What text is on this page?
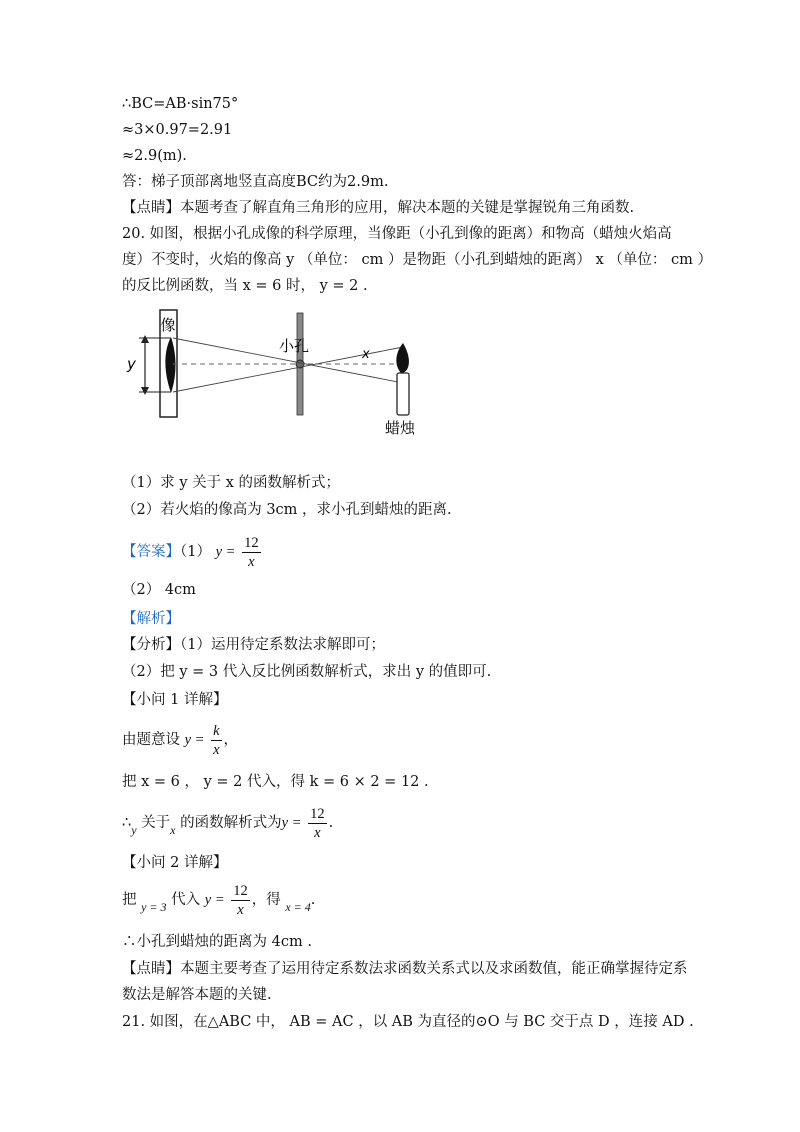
∴BC=AB·sin75°
≈3×0.97=2.91
≈2.9(m).
答：梯子顶部离地竖直高度BC约为2.9m.
【点睛】本题考查了解直角三角形的应用，解决本题的关键是掌握锐角三角函数.
20. 如图，根据小孔成像的科学原理，当像距（小孔到像的距离）和物高（蜡烛火焰高
度）不变时，火焰的像高 y （单位： cm ）是物距（小孔到蜡烛的距离） x （单位： cm ）
的反比例函数，当 x = 6 时， y = 2 .
像
y
小孔	x
蜡烛
（1）求 y 关于 x 的函数解析式；
（2）若火焰的像高为 3cm ，求小孔到蜡烛的距离.
【答案】（1） $y = \frac{12}{x}$
（2） 4cm
【解析】
【分析】（1）运用待定系数法求解即可；
（2）把 y = 3 代入反比例函数解析式，求出 y 的值即可.
【小问 1 详解】
由题意设 $y = \frac{k}{x}$ ，
把 x = 6 ， y = 2 代入，得 k = 6 × 2 = 12 .
$\therefore_y$ 关于$_x$ 的函数解析式为$y = \frac{12}{x}$ .
【小问 2 详解】
把 $_{y = 3}$ 代入 $y = \frac{12}{x}$ ，得 $_{x = 4}$.
∴小孔到蜡烛的距离为 4cm .
【点睛】本题主要考查了运用待定系数法求函数关系式以及求函数值，能正确掌握待定系
数法是解答本题的关键.
21. 如图，在△ABC 中， AB = AC ，以 AB 为直径的⊙O 与 BC 交于点 D ，连接 AD .
